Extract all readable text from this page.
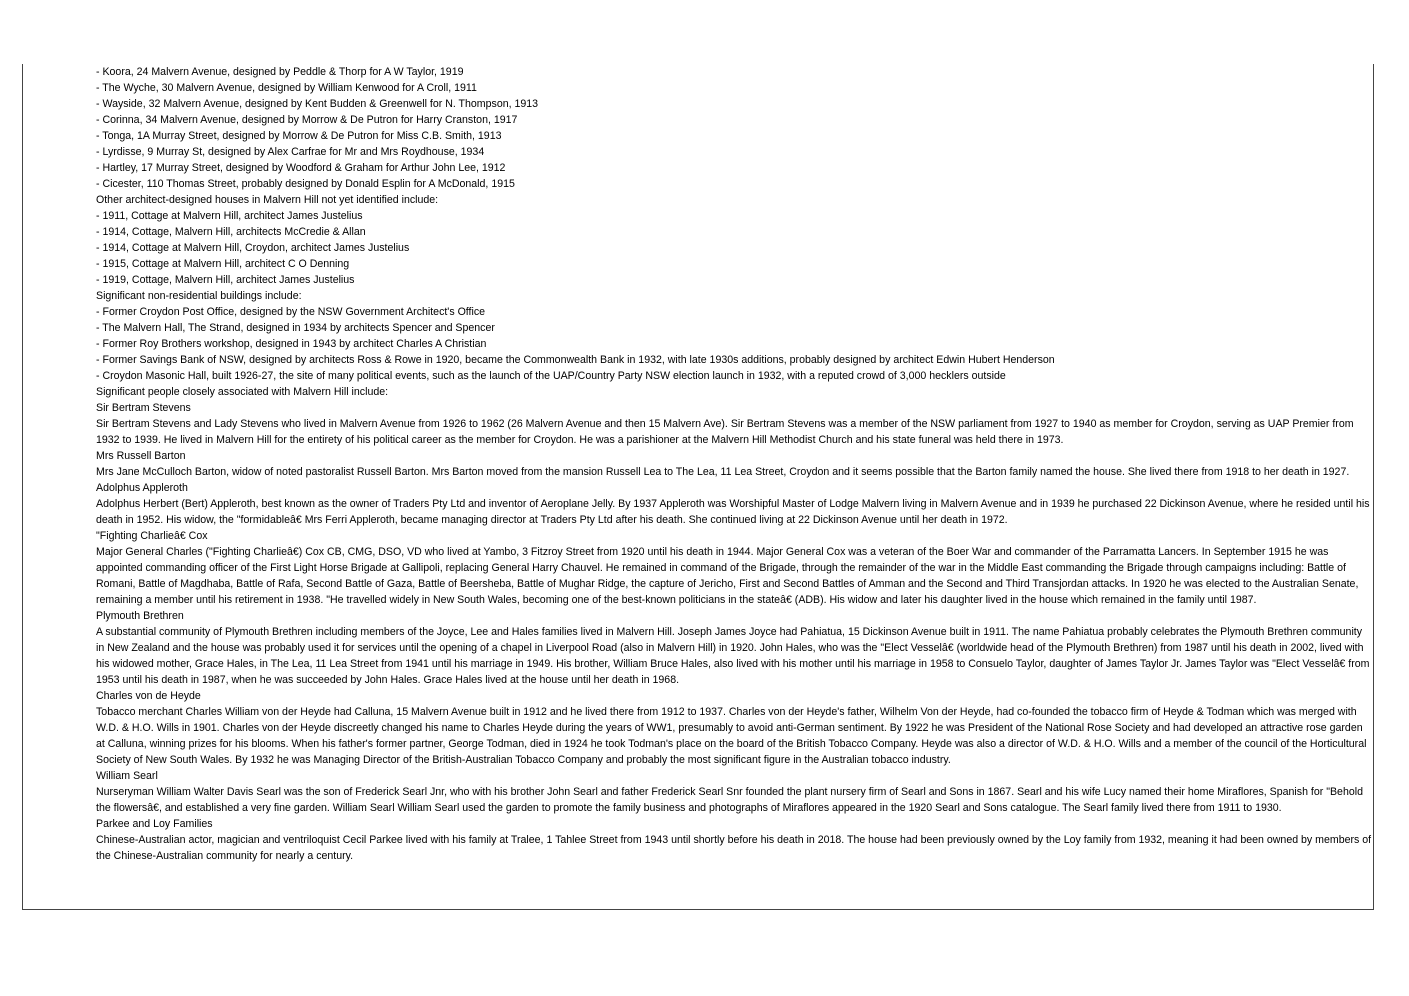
- Koora, 24 Malvern Avenue, designed by Peddle & Thorp for A W Taylor, 1919
- The Wyche, 30 Malvern Avenue, designed by William Kenwood for A Croll, 1911
- Wayside, 32 Malvern Avenue, designed by Kent Budden & Greenwell for N. Thompson, 1913
- Corinna, 34 Malvern Avenue, designed by Morrow & De Putron for Harry Cranston, 1917
- Tonga, 1A Murray Street, designed by Morrow & De Putron for Miss C.B. Smith, 1913
- Lyrdisse, 9 Murray St, designed by Alex Carfrae for Mr and Mrs Roydhouse, 1934
- Hartley, 17 Murray Street, designed by Woodford & Graham for Arthur John Lee, 1912
- Cicester, 110 Thomas Street, probably designed by Donald Esplin for A McDonald, 1915
Other architect-designed houses in Malvern Hill not yet identified include:
- 1911, Cottage at Malvern Hill, architect James Justelius
- 1914, Cottage, Malvern Hill, architects McCredie & Allan
- 1914, Cottage at Malvern Hill, Croydon, architect James Justelius
- 1915, Cottage at Malvern Hill, architect C O Denning
- 1919, Cottage, Malvern Hill, architect James Justelius
Significant non-residential buildings include:
- Former Croydon Post Office, designed by the NSW Government Architect's Office
- The Malvern Hall, The Strand, designed in 1934 by architects Spencer and Spencer
- Former Roy Brothers workshop, designed in 1943 by architect Charles A Christian
- Former Savings Bank of NSW, designed by architects Ross & Rowe in 1920, became the Commonwealth Bank in 1932, with late 1930s additions, probably designed by architect Edwin Hubert Henderson
- Croydon Masonic Hall, built 1926-27, the site of many political events, such as the launch of the UAP/Country Party NSW election launch in 1932, with a reputed crowd of 3,000 hecklers outside
Significant people closely associated with Malvern Hill include:
Sir Bertram Stevens
Sir Bertram Stevens and Lady Stevens who lived in Malvern Avenue from 1926 to 1962 (26 Malvern Avenue and then 15 Malvern Ave). Sir Bertram Stevens was a member of the NSW parliament from 1927 to 1940 as member for Croydon, serving as UAP Premier from 1932 to 1939. He lived in Malvern Hill for the entirety of his political career as the member for Croydon. He was a parishioner at the Malvern Hill Methodist Church and his state funeral was held there in 1973.
Mrs Russell Barton
Mrs Jane McCulloch Barton, widow of noted pastoralist Russell Barton. Mrs Barton moved from the mansion Russell Lea to The Lea, 11 Lea Street, Croydon and it seems possible that the Barton family named the house. She lived there from 1918 to her death in 1927.
Adolphus Appleroth
Adolphus Herbert (Bert) Appleroth, best known as the owner of Traders Pty Ltd and inventor of Aeroplane Jelly. By 1937 Appleroth was Worshipful Master of Lodge Malvern living in Malvern Avenue and in 1939 he purchased 22 Dickinson Avenue, where he resided until his death in 1952. His widow, the "formidableâ€ Mrs Ferri Appleroth, became managing director at Traders Pty Ltd after his death. She continued living at 22 Dickinson Avenue until her death in 1972.
"Fighting Charlieâ€ Cox
Major General Charles ("Fighting Charlieâ€) Cox CB, CMG, DSO, VD who lived at Yambo, 3 Fitzroy Street from 1920 until his death in 1944. Major General Cox was a veteran of the Boer War and commander of the Parramatta Lancers. In September 1915 he was appointed commanding officer of the First Light Horse Brigade at Gallipoli, replacing General Harry Chauvel. He remained in command of the Brigade, through the remainder of the war in the Middle East commanding the Brigade through campaigns including: Battle of Romani, Battle of Magdhaba, Battle of Rafa, Second Battle of Gaza, Battle of Beersheba, Battle of Mughar Ridge, the capture of Jericho, First and Second Battles of Amman and the Second and Third Transjordan attacks. In 1920 he was elected to the Australian Senate, remaining a member until his retirement in 1938. "He travelled widely in New South Wales, becoming one of the best-known politicians in the stateâ€ (ADB). His widow and later his daughter lived in the house which remained in the family until 1987.
Plymouth Brethren
A substantial community of Plymouth Brethren including members of the Joyce, Lee and Hales families lived in Malvern Hill. Joseph James Joyce had Pahiatua, 15 Dickinson Avenue built in 1911. The name Pahiatua probably celebrates the Plymouth Brethren community in New Zealand and the house was probably used it for services until the opening of a chapel in Liverpool Road (also in Malvern Hill) in 1920. John Hales, who was the "Elect Vesselâ€ (worldwide head of the Plymouth Brethren) from 1987 until his death in 2002, lived with his widowed mother, Grace Hales, in The Lea, 11 Lea Street from 1941 until his marriage in 1949. His brother, William Bruce Hales, also lived with his mother until his marriage in 1958 to Consuelo Taylor, daughter of James Taylor Jr. James Taylor was "Elect Vesselâ€ from 1953 until his death in 1987, when he was succeeded by John Hales. Grace Hales lived at the house until her death in 1968.
Charles von de Heyde
Tobacco merchant Charles William von der Heyde had Calluna, 15 Malvern Avenue built in 1912 and he lived there from 1912 to 1937. Charles von der Heyde's father, Wilhelm Von der Heyde, had co-founded the tobacco firm of Heyde & Todman which was merged with W.D. & H.O. Wills in 1901. Charles von der Heyde discreetly changed his name to Charles Heyde during the years of WW1, presumably to avoid anti-German sentiment. By 1922 he was President of the National Rose Society and had developed an attractive rose garden at Calluna, winning prizes for his blooms. When his father's former partner, George Todman, died in 1924 he took Todman's place on the board of the British Tobacco Company. Heyde was also a director of W.D. & H.O. Wills and a member of the council of the Horticultural Society of New South Wales. By 1932 he was Managing Director of the British-Australian Tobacco Company and probably the most significant figure in the Australian tobacco industry.
William Searl
Nurseryman William Walter Davis Searl was the son of Frederick Searl Jnr, who with his brother John Searl and father Frederick Searl Snr founded the plant nursery firm of Searl and Sons in 1867. Searl and his wife Lucy named their home Miraflores, Spanish for "Behold the flowersâ€, and established a very fine garden. William Searl William Searl used the garden to promote the family business and photographs of Miraflores appeared in the 1920 Searl and Sons catalogue. The Searl family lived there from 1911 to 1930.
Parkee and Loy Families
Chinese-Australian actor, magician and ventriloquist Cecil Parkee lived with his family at Tralee, 1 Tahlee Street from 1943 until shortly before his death in 2018. The house had been previously owned by the Loy family from 1932, meaning it had been owned by members of the Chinese-Australian community for nearly a century.
